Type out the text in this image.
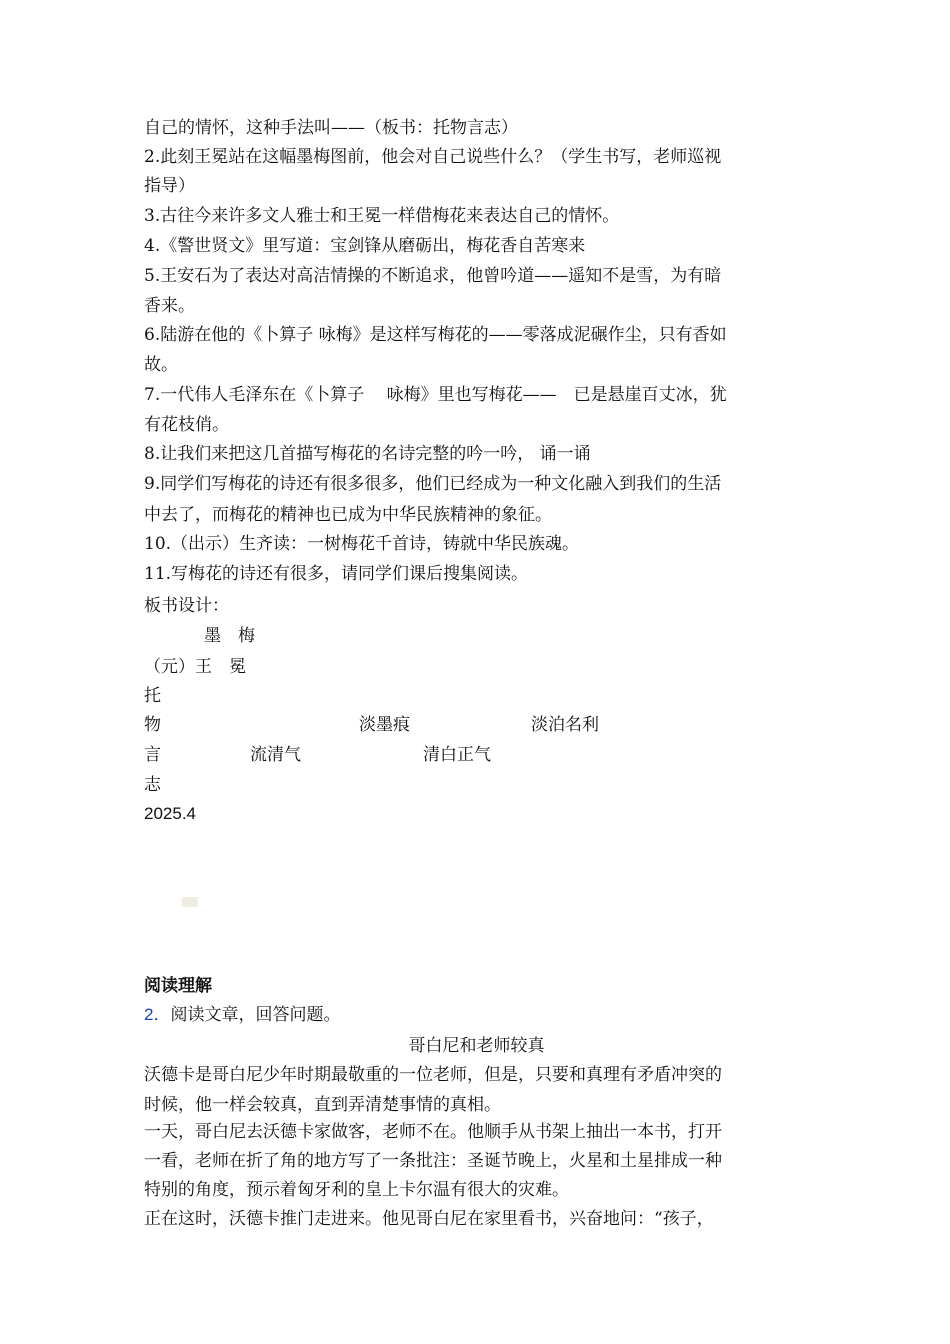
自己的情怀，这种手法叫——（板书：托物言志）

2.此刻王冕站在这幅墨梅图前，他会对自己说些什么？（学生书写，老师巡视

指导）

3.古往今来许多文人雅士和王冕一样借梅花来表达自己的情怀。

4.《警世贤文》里写道：宝剑锋从磨砺出，梅花香自苦寒来

5.王安石为了表达对高洁情操的不断追求，他曾吟道——遥知不是雪，为有暗

香来。

6.陆游在他的《卜算子 咏梅》是这样写梅花的——零落成泥碾作尘，只有香如

故。

7.一代伟人毛泽东在《卜算子　 咏梅》里也写梅花——　已是悬崖百丈冰，犹

有花枝俏。

8.让我们来把这几首描写梅花的名诗完整的吟一吟， 诵一诵

9.同学们写梅花的诗还有很多很多，他们已经成为一种文化融入到我们的生活

中去了，而梅花的精神也已成为中华民族精神的象征。

10.（出示）生齐读：一树梅花千首诗，铸就中华民族魂。

11.写梅花的诗还有很多，请同学们课后搜集阅读。

板书设计：

墨　梅

（元）王　冕

托

物	淡墨痕	淡泊名利

言	流清气	清白正气

志

2025.4

阅读理解

2．阅读文章，回答问题。

哥白尼和老师较真

沃德卡是哥白尼少年时期最敬重的一位老师，但是，只要和真理有矛盾冲突的

时候，他一样会较真，直到弄清楚事情的真相。

一天，哥白尼去沃德卡家做客，老师不在。他顺手从书架上抽出一本书，打开

一看，老师在折了角的地方写了一条批注：圣诞节晚上，火星和土星排成一种

特别的角度，预示着匈牙利的皇上卡尔温有很大的灾难。

正在这时，沃德卡推门走进来。他见哥白尼在家里看书，兴奋地问：“孩子，
